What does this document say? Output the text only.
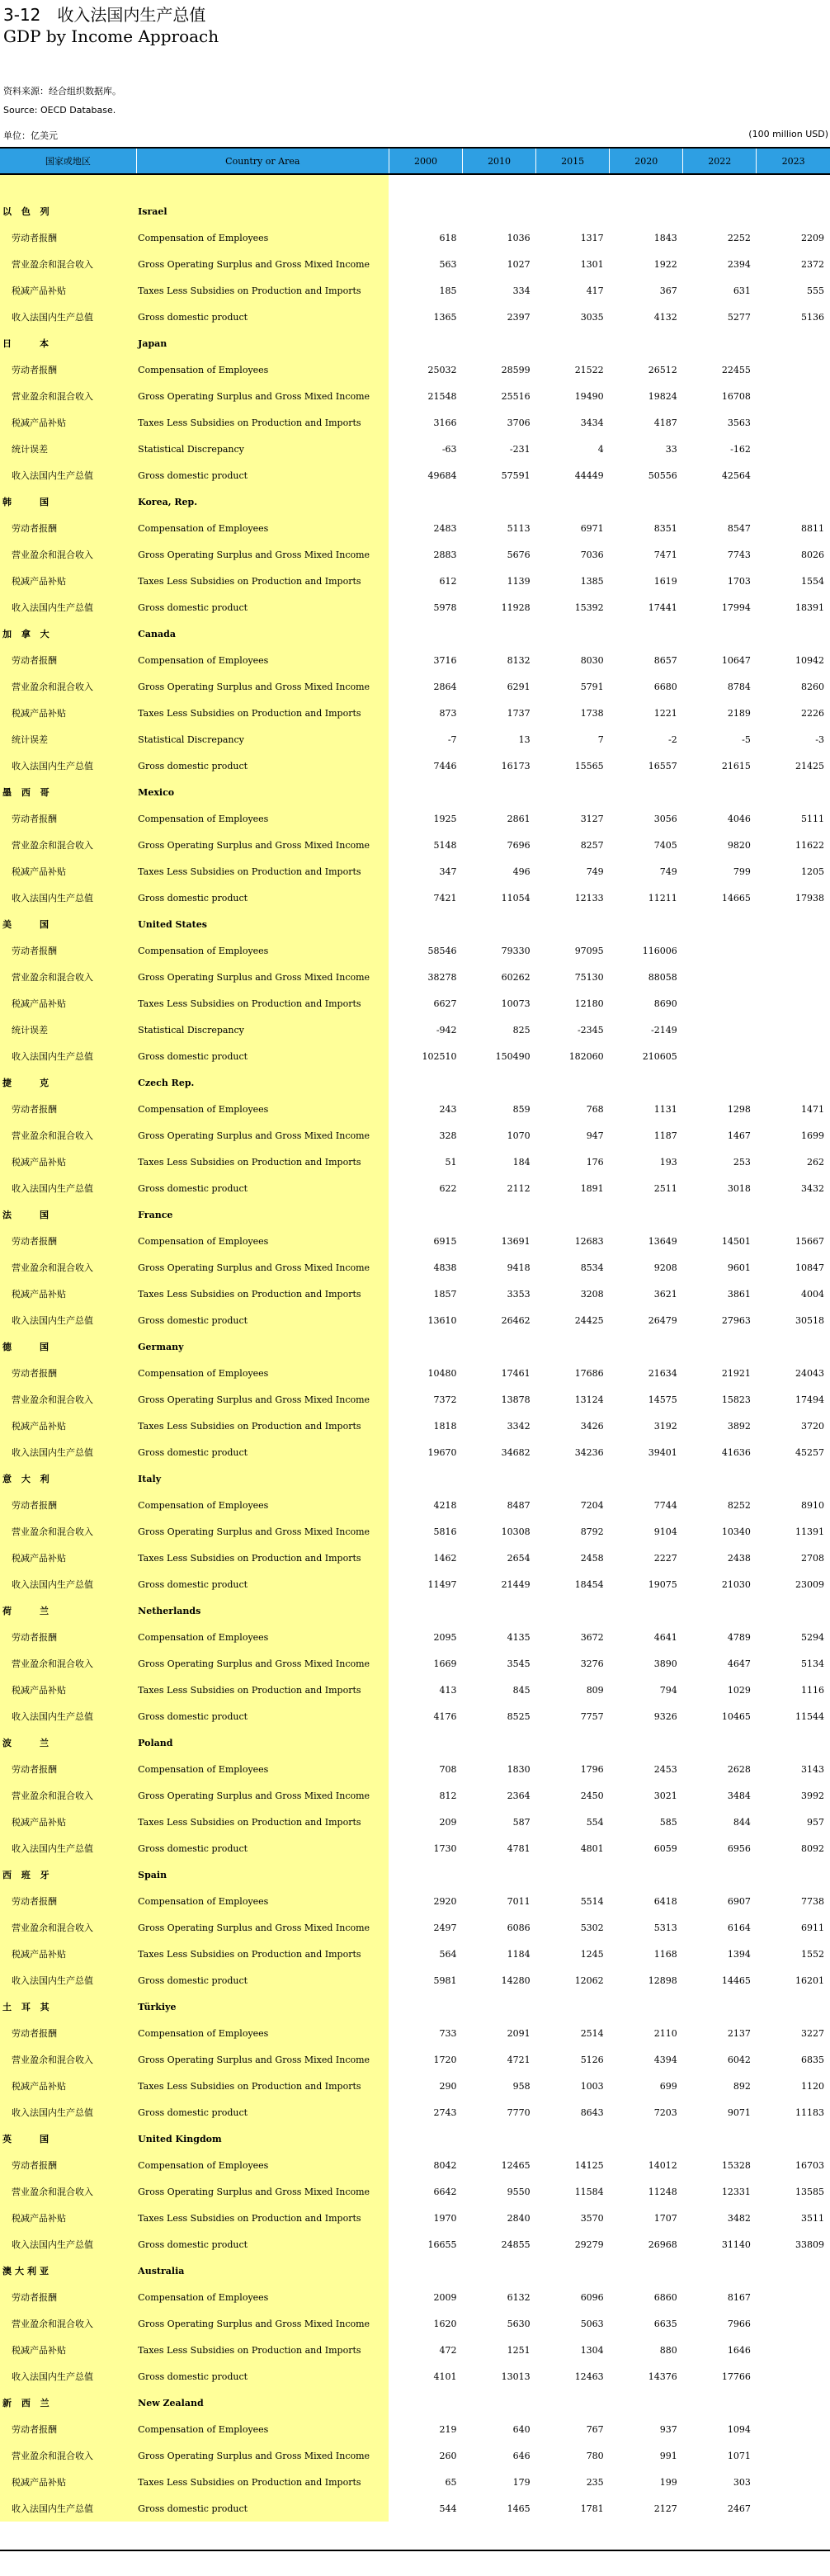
3-12　收入法国内生产总值
GDP by Income Approach
资料来源：经合组织数据库。
Source: OECD Database.
单位：亿美元	(100 million USD)
国家或地区	Country or Area	2000	2010	2015	2020	2022	2023

以 色 列	Israel						
劳动者报酬	Compensation of Employees	618	1036	1317	1843	2252	2209
营业盈余和混合收入	Gross Operating Surplus and Gross Mixed Income	563	1027	1301	1922	2394	2372
税减产品补贴	Taxes Less Subsidies on Production and Imports	185	334	417	367	631	555
收入法国内生产总值	Gross domestic product	1365	2397	3035	4132	5277	5136
日　　本	Japan						
劳动者报酬	Compensation of Employees	25032	28599	21522	26512	22455	
营业盈余和混合收入	Gross Operating Surplus and Gross Mixed Income	21548	25516	19490	19824	16708	
税减产品补贴	Taxes Less Subsidies on Production and Imports	3166	3706	3434	4187	3563	
统计误差	Statistical Discrepancy	-63	-231	4	33	-162	
收入法国内生产总值	Gross domestic product	49684	57591	44449	50556	42564	
韩　　国	Korea, Rep.						
劳动者报酬	Compensation of Employees	2483	5113	6971	8351	8547	8811
营业盈余和混合收入	Gross Operating Surplus and Gross Mixed Income	2883	5676	7036	7471	7743	8026
税减产品补贴	Taxes Less Subsidies on Production and Imports	612	1139	1385	1619	1703	1554
收入法国内生产总值	Gross domestic product	5978	11928	15392	17441	17994	18391
加 拿 大	Canada						
劳动者报酬	Compensation of Employees	3716	8132	8030	8657	10647	10942
营业盈余和混合收入	Gross Operating Surplus and Gross Mixed Income	2864	6291	5791	6680	8784	8260
税减产品补贴	Taxes Less Subsidies on Production and Imports	873	1737	1738	1221	2189	2226
统计误差	Statistical Discrepancy	-7	13	7	-2	-5	-3
收入法国内生产总值	Gross domestic product	7446	16173	15565	16557	21615	21425
墨 西 哥	Mexico						
劳动者报酬	Compensation of Employees	1925	2861	3127	3056	4046	5111
营业盈余和混合收入	Gross Operating Surplus and Gross Mixed Income	5148	7696	8257	7405	9820	11622
税减产品补贴	Taxes Less Subsidies on Production and Imports	347	496	749	749	799	1205
收入法国内生产总值	Gross domestic product	7421	11054	12133	11211	14665	17938
美　　国	United States						
劳动者报酬	Compensation of Employees	58546	79330	97095	116006		
营业盈余和混合收入	Gross Operating Surplus and Gross Mixed Income	38278	60262	75130	88058		
税减产品补贴	Taxes Less Subsidies on Production and Imports	6627	10073	12180	8690		
统计误差	Statistical Discrepancy	-942	825	-2345	-2149		
收入法国内生产总值	Gross domestic product	102510	150490	182060	210605		
捷　　克	Czech Rep.						
劳动者报酬	Compensation of Employees	243	859	768	1131	1298	1471
营业盈余和混合收入	Gross Operating Surplus and Gross Mixed Income	328	1070	947	1187	1467	1699
税减产品补贴	Taxes Less Subsidies on Production and Imports	51	184	176	193	253	262
收入法国内生产总值	Gross domestic product	622	2112	1891	2511	3018	3432
法　　国	France						
劳动者报酬	Compensation of Employees	6915	13691	12683	13649	14501	15667
营业盈余和混合收入	Gross Operating Surplus and Gross Mixed Income	4838	9418	8534	9208	9601	10847
税减产品补贴	Taxes Less Subsidies on Production and Imports	1857	3353	3208	3621	3861	4004
收入法国内生产总值	Gross domestic product	13610	26462	24425	26479	27963	30518
德　　国	Germany						
劳动者报酬	Compensation of Employees	10480	17461	17686	21634	21921	24043
营业盈余和混合收入	Gross Operating Surplus and Gross Mixed Income	7372	13878	13124	14575	15823	17494
税减产品补贴	Taxes Less Subsidies on Production and Imports	1818	3342	3426	3192	3892	3720
收入法国内生产总值	Gross domestic product	19670	34682	34236	39401	41636	45257
意 大 利	Italy						
劳动者报酬	Compensation of Employees	4218	8487	7204	7744	8252	8910
营业盈余和混合收入	Gross Operating Surplus and Gross Mixed Income	5816	10308	8792	9104	10340	11391
税减产品补贴	Taxes Less Subsidies on Production and Imports	1462	2654	2458	2227	2438	2708
收入法国内生产总值	Gross domestic product	11497	21449	18454	19075	21030	23009
荷　　兰	Netherlands						
劳动者报酬	Compensation of Employees	2095	4135	3672	4641	4789	5294
营业盈余和混合收入	Gross Operating Surplus and Gross Mixed Income	1669	3545	3276	3890	4647	5134
税减产品补贴	Taxes Less Subsidies on Production and Imports	413	845	809	794	1029	1116
收入法国内生产总值	Gross domestic product	4176	8525	7757	9326	10465	11544
波　　兰	Poland						
劳动者报酬	Compensation of Employees	708	1830	1796	2453	2628	3143
营业盈余和混合收入	Gross Operating Surplus and Gross Mixed Income	812	2364	2450	3021	3484	3992
税减产品补贴	Taxes Less Subsidies on Production and Imports	209	587	554	585	844	957
收入法国内生产总值	Gross domestic product	1730	4781	4801	6059	6956	8092
西 班 牙	Spain						
劳动者报酬	Compensation of Employees	2920	7011	5514	6418	6907	7738
营业盈余和混合收入	Gross Operating Surplus and Gross Mixed Income	2497	6086	5302	5313	6164	6911
税减产品补贴	Taxes Less Subsidies on Production and Imports	564	1184	1245	1168	1394	1552
收入法国内生产总值	Gross domestic product	5981	14280	12062	12898	14465	16201
土 耳 其	Türkiye						
劳动者报酬	Compensation of Employees	733	2091	2514	2110	2137	3227
营业盈余和混合收入	Gross Operating Surplus and Gross Mixed Income	1720	4721	5126	4394	6042	6835
税减产品补贴	Taxes Less Subsidies on Production and Imports	290	958	1003	699	892	1120
收入法国内生产总值	Gross domestic product	2743	7770	8643	7203	9071	11183
英　　国	United Kingdom						
劳动者报酬	Compensation of Employees	8042	12465	14125	14012	15328	16703
营业盈余和混合收入	Gross Operating Surplus and Gross Mixed Income	6642	9550	11584	11248	12331	13585
税减产品补贴	Taxes Less Subsidies on Production and Imports	1970	2840	3570	1707	3482	3511
收入法国内生产总值	Gross domestic product	16655	24855	29279	26968	31140	33809
澳大利亚	Australia						
劳动者报酬	Compensation of Employees	2009	6132	6096	6860	8167	
营业盈余和混合收入	Gross Operating Surplus and Gross Mixed Income	1620	5630	5063	6635	7966	
税减产品补贴	Taxes Less Subsidies on Production and Imports	472	1251	1304	880	1646	
收入法国内生产总值	Gross domestic product	4101	13013	12463	14376	17766	
新 西 兰	New Zealand						
劳动者报酬	Compensation of Employees	219	640	767	937	1094	
营业盈余和混合收入	Gross Operating Surplus and Gross Mixed Income	260	646	780	991	1071	
税减产品补贴	Taxes Less Subsidies on Production and Imports	65	179	235	199	303	
收入法国内生产总值	Gross domestic product	544	1465	1781	2127	2467	
